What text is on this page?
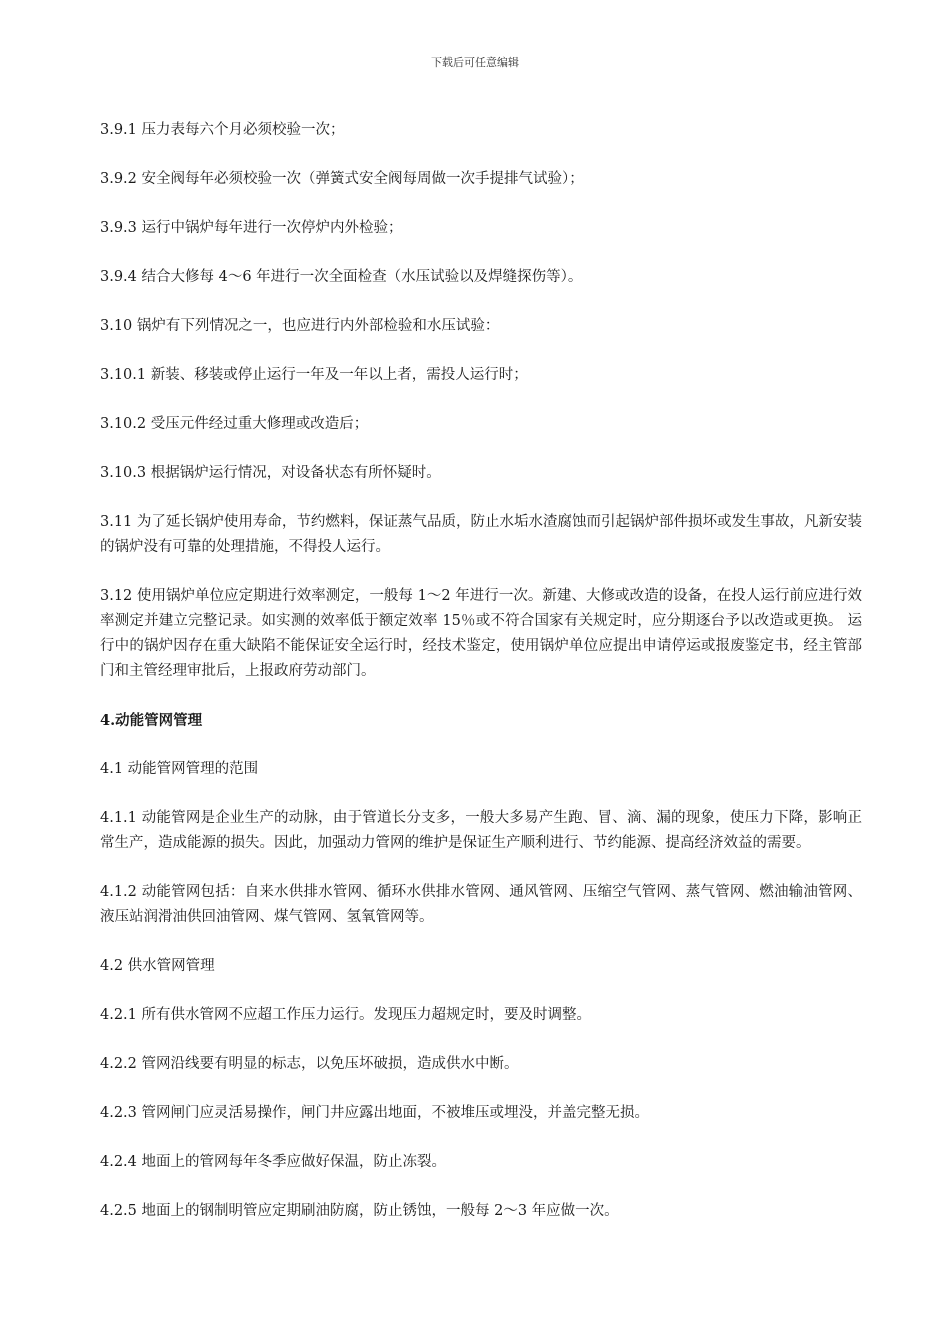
下载后可任意编辑

3.9.1 压力表每六个月必须校验一次；

3.9.2 安全阀每年必须校验一次（弹簧式安全阀每周做一次手提排气试验）；

3.9.3 运行中锅炉每年进行一次停炉内外检验；

3.9.4 结合大修每 4～6 年进行一次全面检查（水压试验以及焊缝探伤等）。

3.10 锅炉有下列情况之一，也应进行内外部检验和水压试验：

3.10.1 新装、移装或停止运行一年及一年以上者，需投人运行时；

3.10.2 受压元件经过重大修理或改造后；

3.10.3 根据锅炉运行情况，对设备状态有所怀疑时。

3.11 为了延长锅炉使用寿命，节约燃料，保证蒸气品质，防止水垢水渣腐蚀而引起锅炉部件损坏或发生事故，凡新安装的锅炉没有可靠的处理措施，不得投人运行。

3.12 使用锅炉单位应定期进行效率测定，一般每 1～2 年进行一次。新建、大修或改造的设备，在投人运行前应进行效率测定并建立完整记录。如实测的效率低于额定效率 15％或不符合国家有关规定时，应分期逐台予以改造或更换。 运行中的锅炉因存在重大缺陷不能保证安全运行时，经技术鉴定，使用锅炉单位应提出申请停运或报废鉴定书，经主管部门和主管经理审批后，上报政府劳动部门。

4.动能管网管理

4.1 动能管网管理的范围

4.1.1 动能管网是企业生产的动脉，由于管道长分支多，一般大多易产生跑、冒、滴、漏的现象，使压力下降，影响正常生产，造成能源的损失。因此，加强动力管网的维护是保证生产顺利进行、节约能源、提高经济效益的需要。

4.1.2 动能管网包括：自来水供排水管网、循环水供排水管网、通风管网、压缩空气管网、蒸气管网、燃油输油管网、液压站润滑油供回油管网、煤气管网、氢氧管网等。

4.2 供水管网管理

4.2.1 所有供水管网不应超工作压力运行。发现压力超规定时，要及时调整。

4.2.2 管网沿线要有明显的标志，以免压坏破损，造成供水中断。

4.2.3 管网闸门应灵活易操作，闸门井应露出地面，不被堆压或埋没，并盖完整无损。

4.2.4 地面上的管网每年冬季应做好保温，防止冻裂。

4.2.5 地面上的钢制明管应定期刷油防腐，防止锈蚀，一般每 2～3 年应做一次。
